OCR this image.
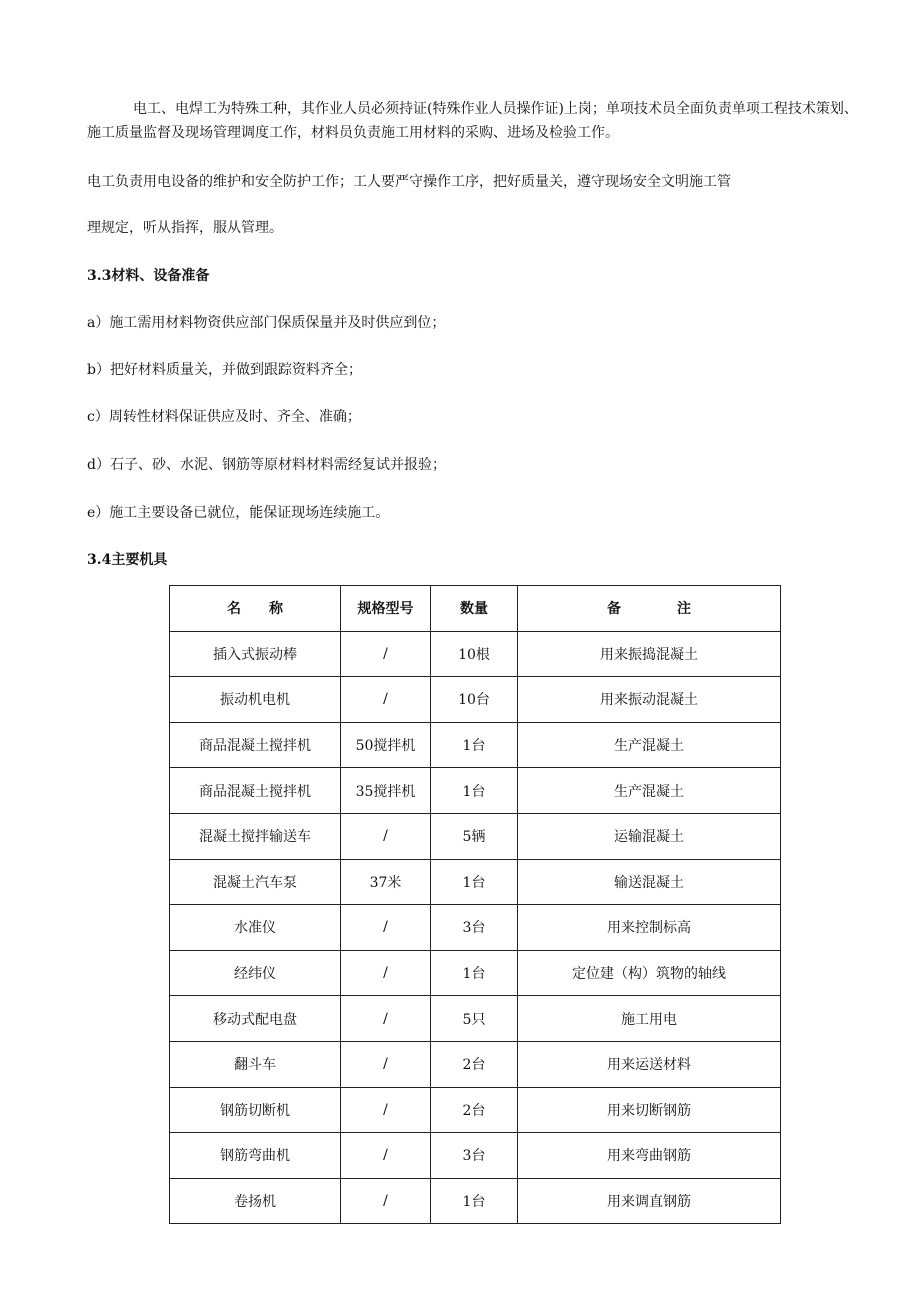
电工、电焊工为特殊工种，其作业人员必须持证(特殊作业人员操作证)上岗；单项技术员全面负责单项工程技术策划、施工质量监督及现场管理调度工作，材料员负责施工用材料的采购、进场及检验工作。
电工负责用电设备的维护和安全防护工作；工人要严守操作工序，把好质量关，遵守现场安全文明施工管
理规定，听从指挥，服从管理。
3.3材料、设备准备
a）施工需用材料物资供应部门保质保量并及时供应到位；
b）把好材料质量关，并做到跟踪资料齐全；
c）周转性材料保证供应及时、齐全、准确；
d）石子、砂、水泥、钢筋等原材料材料需经复试并报验；
e）施工主要设备已就位，能保证现场连续施工。
3.4主要机具
名　　称	规格型号	数量	备　　　　注
插入式振动棒	/	10根	用来振捣混凝土
振动机电机	/	10台	用来振动混凝土
商品混凝土搅拌机	50搅拌机	1台	生产混凝土
商品混凝土搅拌机	35搅拌机	1台	生产混凝土
混凝土搅拌输送车	/	5辆	运输混凝土
混凝土汽车泵	37米	1台	输送混凝土
水准仪	/	3台	用来控制标高
经纬仪	/	1台	定位建（构）筑物的轴线
移动式配电盘	/	5只	施工用电
翻斗车	/	2台	用来运送材料
钢筋切断机	/	2台	用来切断钢筋
钢筋弯曲机	/	3台	用来弯曲钢筋
卷扬机	/	1台	用来调直钢筋
